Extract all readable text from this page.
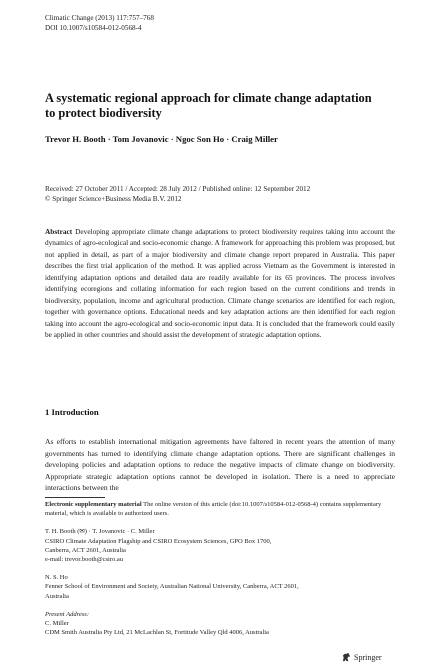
Climatic Change (2013) 117:757–768
DOI 10.1007/s10584-012-0568-4
A systematic regional approach for climate change adaptation to protect biodiversity
Trevor H. Booth · Tom Jovanovic · Ngoc Son Ho · Craig Miller
Received: 27 October 2011 / Accepted: 28 July 2012 / Published online: 12 September 2012
© Springer Science+Business Media B.V. 2012
Abstract Developing appropriate climate change adaptations to protect biodiversity requires taking into account the dynamics of agro-ecological and socio-economic change. A framework for approaching this problem was proposed, but not applied in detail, as part of a major biodiversity and climate change report prepared in Australia. This paper describes the first trial application of the method. It was applied across Vietnam as the Government is interested in identifying adaptation options and detailed data are readily available for its 65 provinces. The process involves identifying ecoregions and collating information for each region based on the current conditions and trends in biodiversity, population, income and agricultural production. Climate change scenarios are identified for each region, together with governance options. Educational needs and key adaptation actions are then identified for each region taking into account the agro-ecological and socio-economic input data. It is concluded that the framework could easily be applied in other countries and should assist the development of strategic adaptation options.
1 Introduction
As efforts to establish international mitigation agreements have faltered in recent years the attention of many governments has turned to identifying climate change adaptation options. There are significant challenges in developing policies and adaptation options to reduce the negative impacts of climate change on biodiversity. Appropriate strategic adaptation options cannot be developed in isolation. There is a need to appreciate interactions between the
Electronic supplementary material The online version of this article (doi:10.1007/s10584-012-0568-4) contains supplementary material, which is available to authorized users.
T. H. Booth (✉) · T. Jovanovic · C. Miller
CSIRO Climate Adaptation Flagship and CSIRO Ecosystem Sciences, GPO Box 1700,
Canberra, ACT 2601, Australia
e-mail: trevor.booth@csiro.au
N. S. Ho
Fenner School of Environment and Society, Australian National University, Canberra, ACT 2601,
Australia
Present Address:
C. Miller
CDM Smith Australia Pty Ltd, 21 McLachlan St, Fortitude Valley Qld 4006, Australia
Springer
